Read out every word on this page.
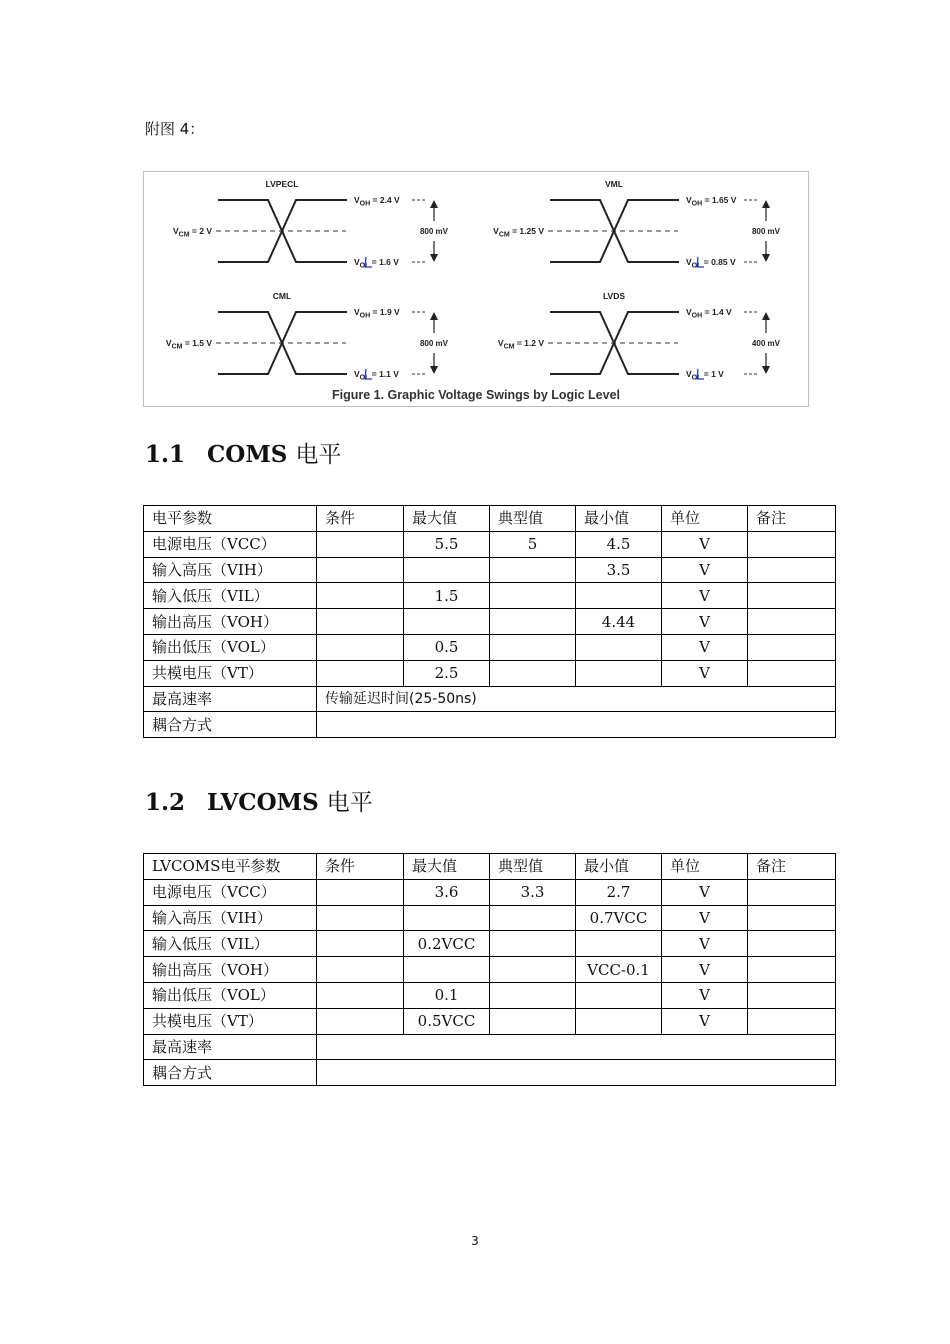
附图 4：
LVPECL
$V_{CM} = 2$ V
$V_{OH} = 2.4$ V
$V_{OL} = 1.6$ V
800 mV
VML
$V_{CM} = 1.25$ V
$V_{OH} = 1.65$ V
$V_{OL} = 0.85$ V
800 mV
CML
$V_{CM} = 1.5$ V
$V_{OH} = 1.9$ V
$V_{OL} = 1.1$ V
800 mV
LVDS
$V_{CM} = 1.2$ V
$V_{OH} = 1.4$ V
$V_{OL} = 1$ V
400 mV
Figure 1. Graphic Voltage Swings by Logic Level
1.1 COMS 电平
电平参数	条件	最大值	典型值	最小值	单位	备注
电源电压（VCC）		5.5	5	4.5	V	
输入高压（VIH）				3.5	V	
输入低压（VIL）		1.5			V	
输出高压（VOH）				4.44	V	
输出低压（VOL）		0.5			V	
共模电压（VT）		2.5			V	
最高速率	传输延迟时间(25-50ns)					
耦合方式						
1.2 LVCOMS 电平
LVCOMS电平参数	条件	最大值	典型值	最小值	单位	备注
电源电压（VCC）		3.6	3.3	2.7	V	
输入高压（VIH）				0.7VCC	V	
输入低压（VIL）		0.2VCC			V	
输出高压（VOH）				VCC-0.1	V	
输出低压（VOL）		0.1			V	
共模电压（VT）		0.5VCC			V	
最高速率						
耦合方式						
3
